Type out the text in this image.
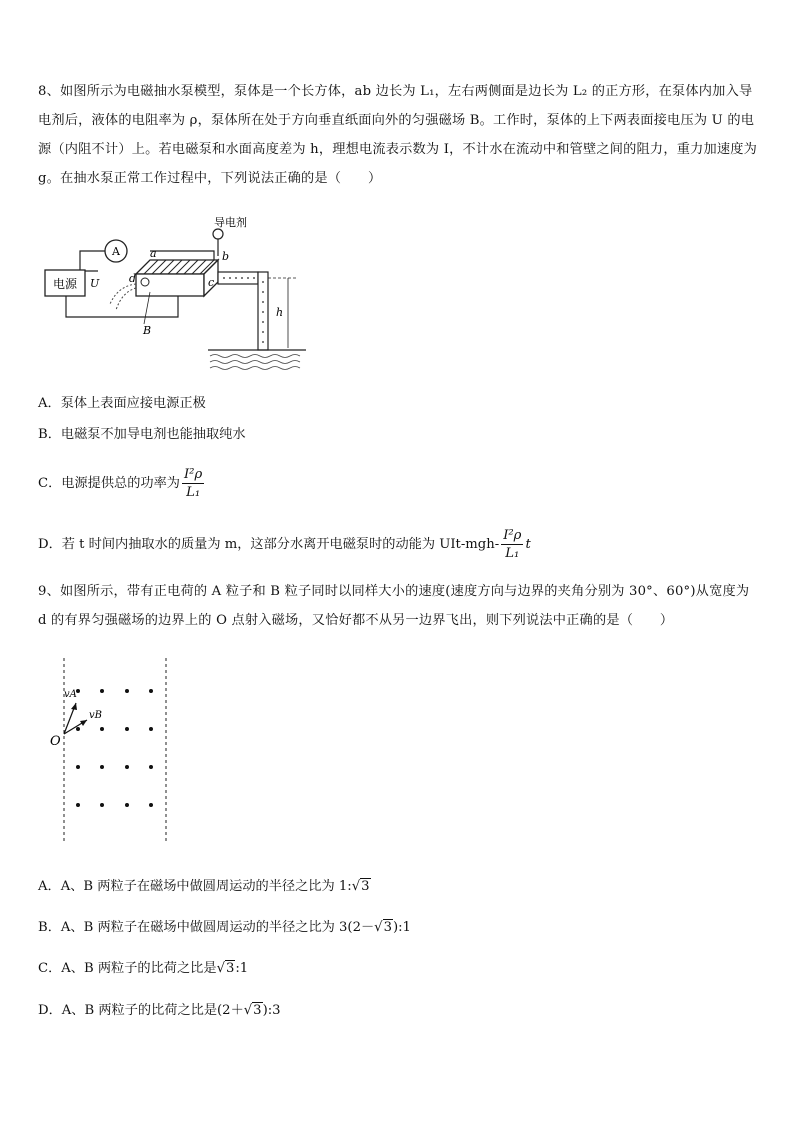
8、如图所示为电磁抽水泵模型，泵体是一个长方体，ab 边长为 L₁，左右两侧面是边长为 L₂ 的正方形，在泵体内加入导电剂后，液体的电阻率为 ρ，泵体所在处于方向垂直纸面向外的匀强磁场 B。工作时，泵体的上下两表面接电压为 U 的电源（内阻不计）上。若电磁泵和水面高度差为 h，理想电流表示数为 I，不计水在流动中和管壁之间的阻力，重力加速度为 g。在抽水泵正常工作过程中，下列说法正确的是（　　）
电源 U
A	a	b
c
d
B
导电剂
h
A．泵体上表面应接电源正极
B．电磁泵不加导电剂也能抽取纯水
C．电源提供总的功率为 $\frac{\text{I²ρ}}{\text{L₁}}$
D．若 t 时间内抽取水的质量为 m，这部分水离开电磁泵时的动能为 $UIt-mgh- \frac{\text{I²ρ}}{\text{L₁}}$ t
9、如图所示，带有正电荷的 A 粒子和 B 粒子同时以同样大小的速度(速度方向与边界的夹角分别为 30°、60°)从宽度为 d 的有界匀强磁场的边界上的 O 点射入磁场，又恰好都不从另一边界飞出，则下列说法中正确的是（　　）
O
vA
vB
A．A、B 两粒子在磁场中做圆周运动的半径之比为 1:√3
B．A、B 两粒子在磁场中做圆周运动的半径之比为 3(2－√3):1
C．A、B 两粒子的比荷之比是√3:1
D．A、B 两粒子的比荷之比是(2＋√3):3
